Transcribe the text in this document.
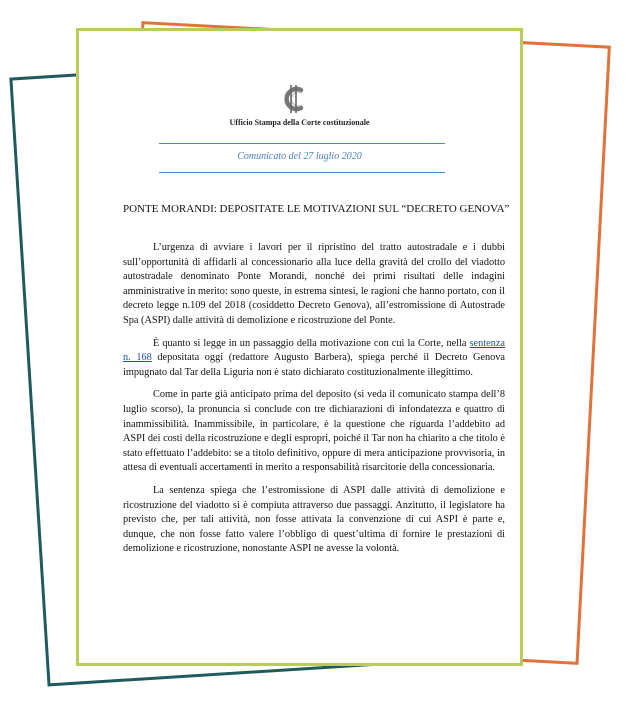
Ufficio Stampa della Corte costituzionale
Comunicato del 27 luglio 2020
PONTE MORANDI: DEPOSITATE LE MOTIVAZIONI SUL “DECRETO GENOVA”

L’urgenza di avviare i lavori per il ripristino del tratto autostradale e i dubbi sull’opportunità di affidarli al concessionario alla luce della gravità del crollo del viadotto autostradale denominato Ponte Morandi, nonché dei primi risultati delle indagini amministrative in merito: sono queste, in estrema sintesi, le ragioni che hanno portato, con il decreto legge n.109 del 2018 (cosiddetto Decreto Genova), all’estromissione di Autostrade Spa (ASPI) dalle attività di demolizione e ricostruzione del Ponte.

È quanto si legge in un passaggio della motivazione con cui la Corte, nella sentenza n. 168 depositata oggi (redattore Augusto Barbera), spiega perché il Decreto Genova impugnato dal Tar della Liguria non è stato dichiarato costituzionalmente illegittimo.

Come in parte già anticipato prima del deposito (si veda il comunicato stampa dell’8 luglio scorso), la pronuncia si conclude con tre dichiarazioni di infondatezza e quattro di inammissibilità. Inammissibile, in particolare, è la questione che riguarda l’addebito ad ASPI dei costi della ricostruzione e degli espropri, poiché il Tar non ha chiarito a che titolo è stato effettuato l’addebito: se a titolo definitivo, oppure di mera anticipazione provvisoria, in attesa di eventuali accertamenti in merito a responsabilità risarcitorie della concessionaria.

La sentenza spiega che l’estromissione di ASPI dalle attività di demolizione e ricostruzione del viadotto si è compiuta attraverso due passaggi. Anzitutto, il legislatore ha previsto che, per tali attività, non fosse attivata la convenzione di cui ASPI è parte e, dunque, che non fosse fatto valere l’obbligo di quest’ultima di fornire le prestazioni di demolizione e ricostruzione, nonostante ASPI ne avesse la volontà.
